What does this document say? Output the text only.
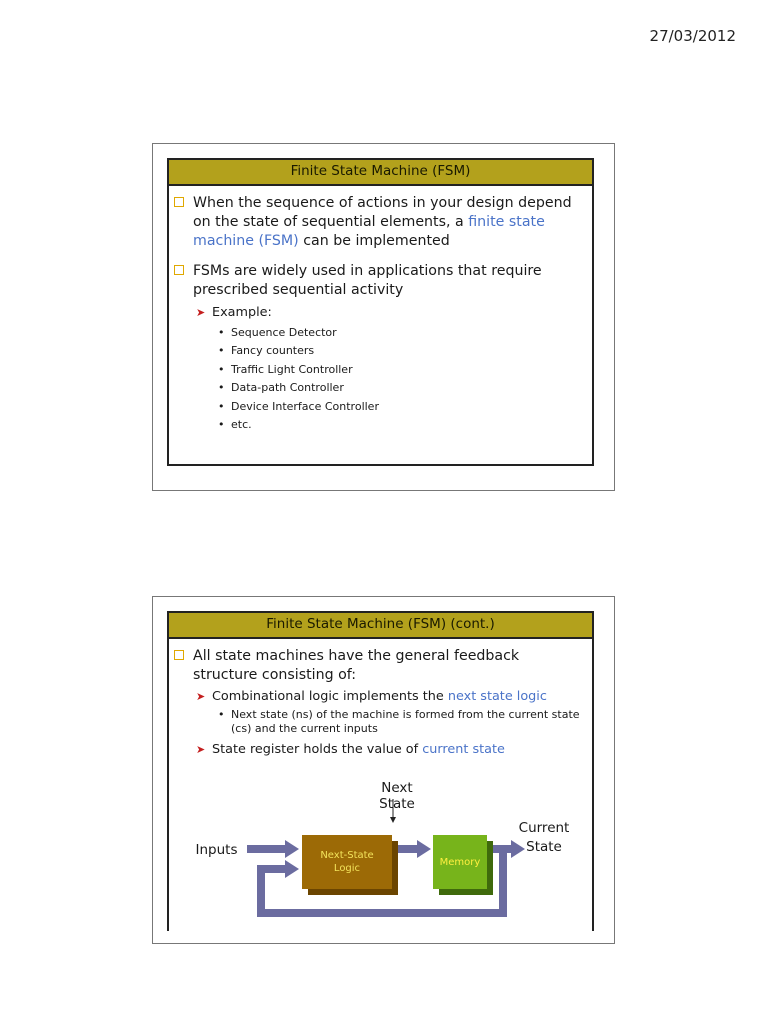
27/03/2012
Finite State Machine (FSM)
When the sequence of actions in your design depend on the state of sequential elements, a finite state machine (FSM) can be implemented
FSMs are widely used in applications that require prescribed sequential activity
➤ Example:
• Sequence Detector
• Fancy counters
• Traffic Light Controller
• Data-path Controller
• Device Interface Controller
• etc.
Finite State Machine (FSM) (cont.)
All state machines have the general feedback structure consisting of:
➤ Combinational logic implements the next state logic
• Next state (ns) of the machine is formed from the current state (cs) and the current inputs
➤ State register holds the value of current state
Next State
Inputs	Next-State
Logic
Memory
Current
State
